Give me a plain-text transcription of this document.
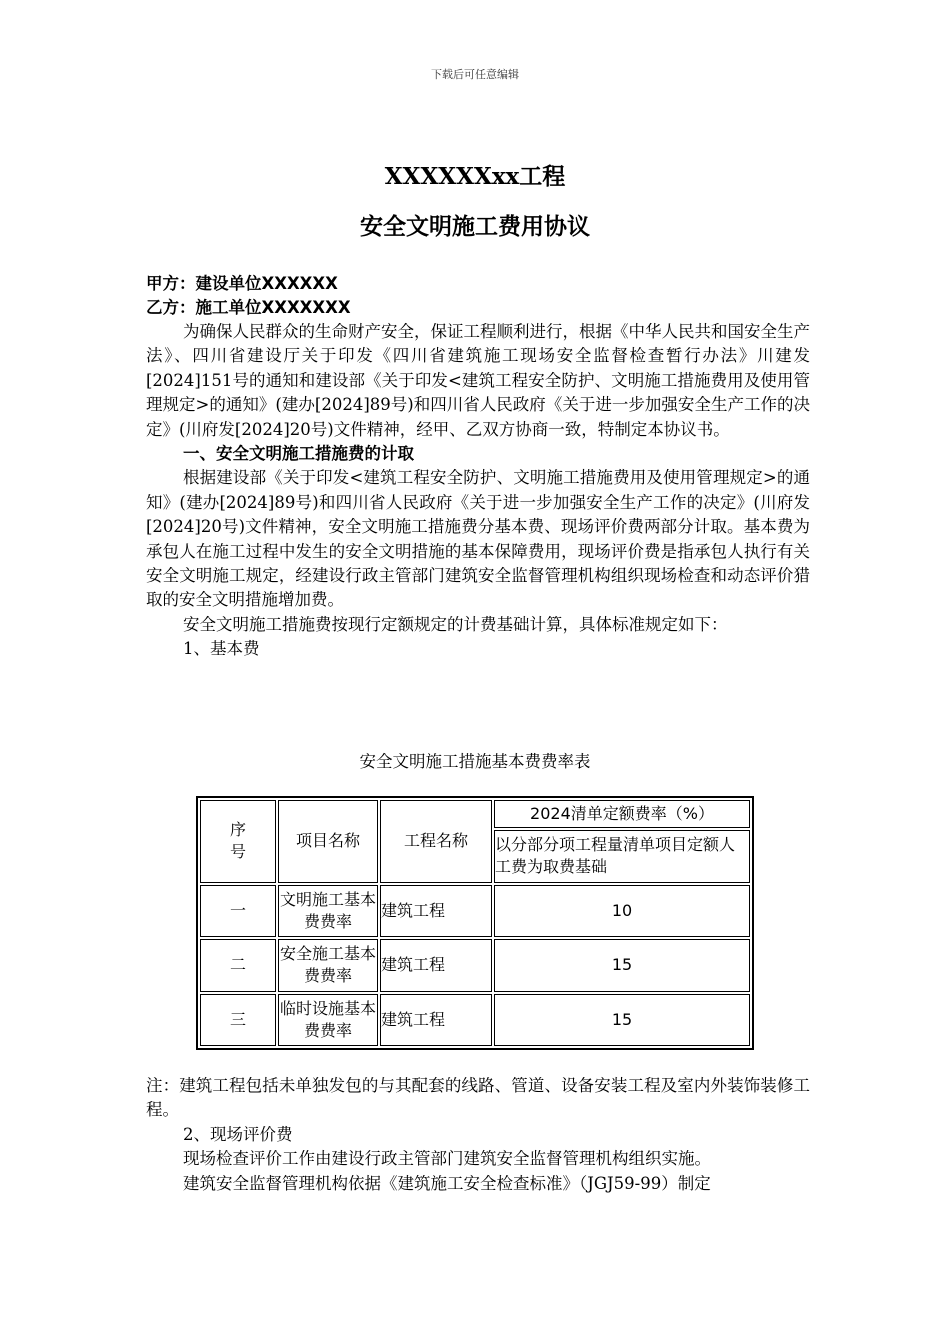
下载后可任意编辑
XXXXXXxx工程
安全文明施工费用协议
甲方：建设单位XXXXXX
乙方：施工单位XXXXXXX

为确保人民群众的生命财产安全，保证工程顺利进行，根据《中华人民共和国安全生产法》、四川省建设厅关于印发《四川省建筑施工现场安全监督检查暂行办法》川建发[2024]151号的通知和建设部《关于印发<建筑工程安全防护、文明施工措施费用及使用管理规定>的通知》(建办[2024]89号)和四川省人民政府《关于进一步加强安全生产工作的决定》(川府发[2024]20号)文件精神，经甲、乙双方协商一致，特制定本协议书。

一、安全文明施工措施费的计取

根据建设部《关于印发<建筑工程安全防护、文明施工措施费用及使用管理规定>的通知》(建办[2024]89号)和四川省人民政府《关于进一步加强安全生产工作的决定》(川府发[2024]20号)文件精神，安全文明施工措施费分基本费、现场评价费两部分计取。基本费为承包人在施工过程中发生的安全文明措施的基本保障费用，现场评价费是指承包人执行有关安全文明施工规定，经建设行政主管部门建筑安全监督管理机构组织现场检查和动态评价猎取的安全文明措施增加费。

安全文明施工措施费按现行定额规定的计费基础计算，具体标准规定如下：

1、基本费

安全文明施工措施基本费费率表
序号	项目名称	工程名称	2024清单定额费率（%）
			以分部分项工程量清单项目定额人工费为取费基础
一	文明施工基本费费率	建筑工程	10
二	安全施工基本费费率	建筑工程	15
三	临时设施基本费费率	建筑工程	15

注：建筑工程包括未单独发包的与其配套的线路、管道、设备安装工程及室内外装饰装修工程。

2、现场评价费

现场检查评价工作由建设行政主管部门建筑安全监督管理机构组织实施。

建筑安全监督管理机构依据《建筑施工安全检查标准》（JGJ59-99）制定
